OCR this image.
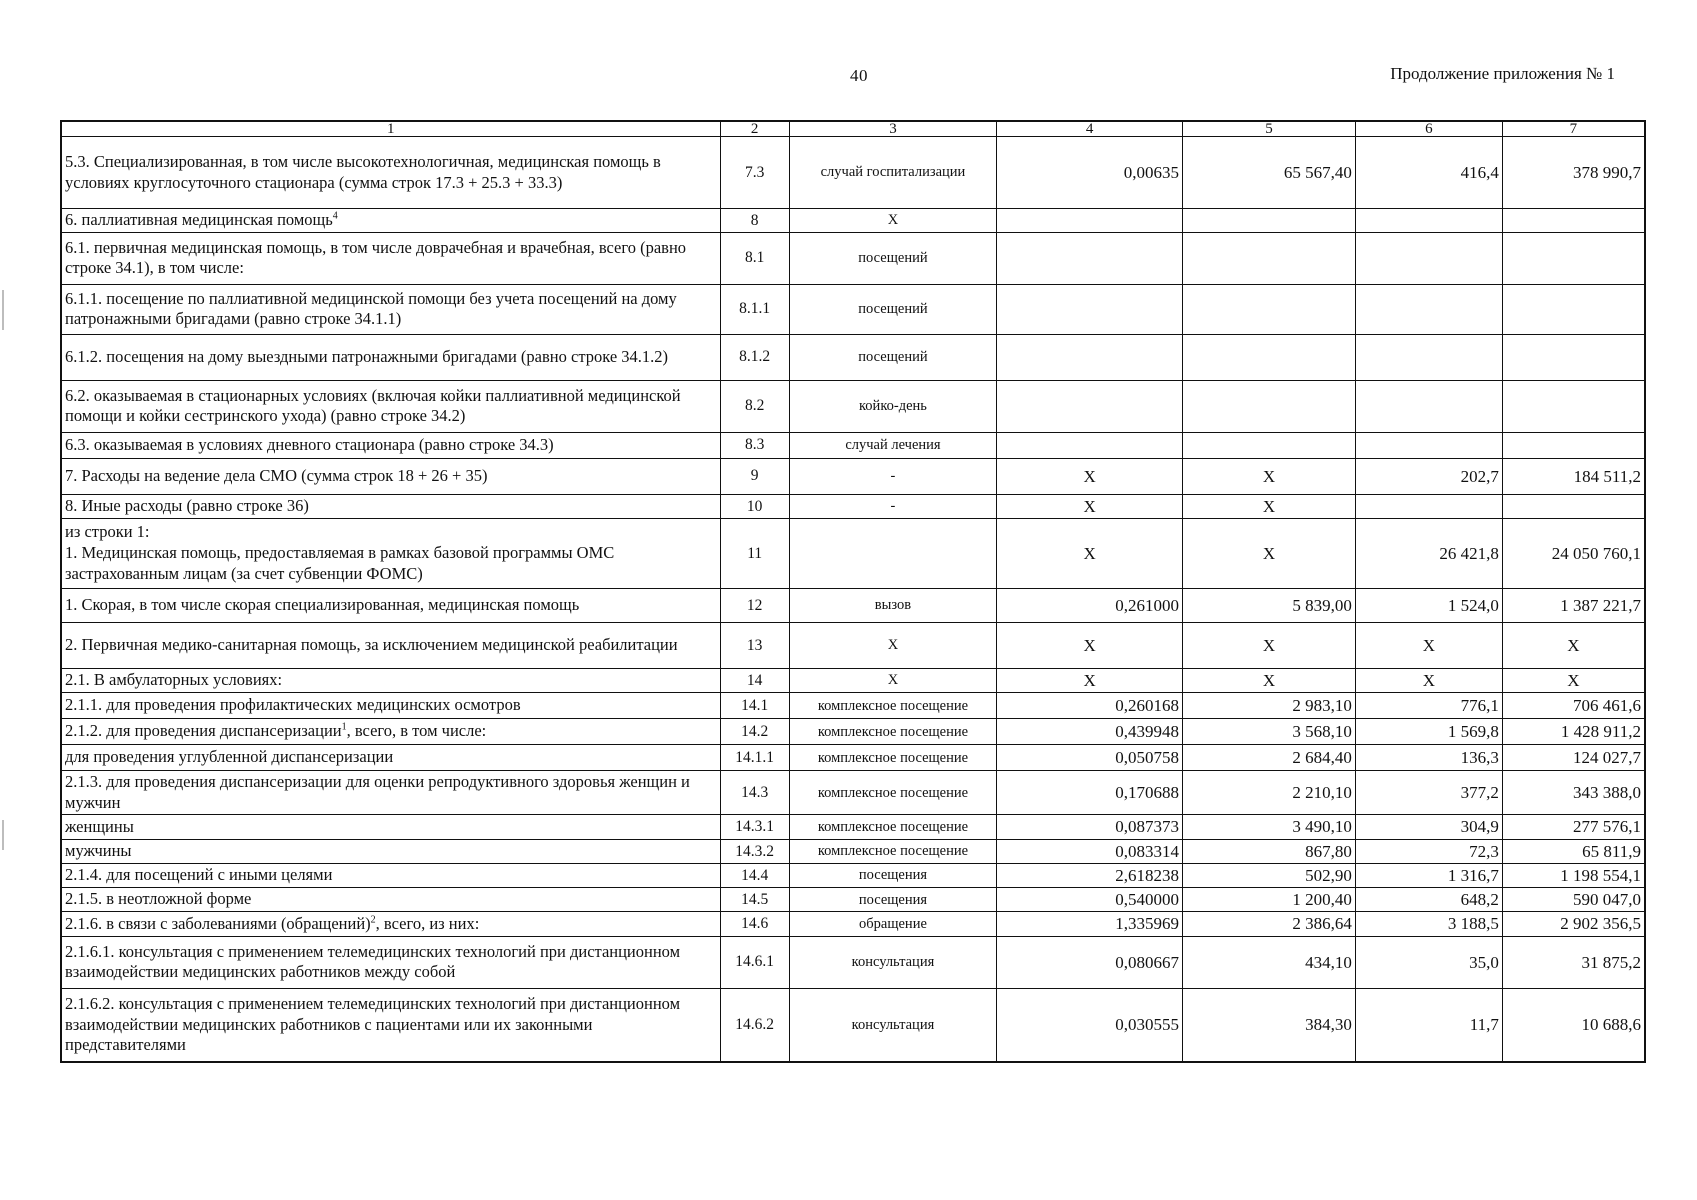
40	Продолжение приложения № 1
1	2	3	4	5	6	7
5.3. Специализированная, в том числе высокотехнологичная, медицинская помощь в условиях круглосуточного стационара (сумма строк 17.3 + 25.3 + 33.3)	7.3	случай госпитализации	0,00635	65 567,40	416,4	378 990,7
6. паллиативная медицинская помощь$^4$	8	Х				
6.1. первичная медицинская помощь, в том числе доврачебная и врачебная, всего (равно строке 34.1), в том числе:	8.1	посещений				
6.1.1. посещение по паллиативной медицинской помощи без учета посещений на дому патронажными бригадами (равно строке 34.1.1)	8.1.1	посещений				
6.1.2. посещения на дому выездными патронажными бригадами (равно строке 34.1.2)	8.1.2	посещений				
6.2. оказываемая в стационарных условиях (включая койки паллиативной медицинской помощи и койки сестринского ухода) (равно строке 34.2)	8.2	койко-день				
6.3. оказываемая в условиях дневного стационара (равно строке 34.3)	8.3	случай лечения				
7. Расходы на ведение дела СМО (сумма строк 18 + 26 + 35)	9	-	Х	Х	202,7	184 511,2
8. Иные расходы (равно строке 36)	10	-	Х	Х		
из строки 1:
1. Медицинская помощь, предоставляемая в рамках базовой программы ОМС застрахованным лицам (за счет субвенции ФОМС)	11		Х	Х	26 421,8	24 050 760,1
1. Скорая, в том числе скорая специализированная, медицинская помощь	12	вызов	0,261000	5 839,00	1 524,0	1 387 221,7
2. Первичная медико-санитарная помощь, за исключением медицинской реабилитации	13	Х	Х	Х	Х	Х
2.1. В амбулаторных условиях:	14	Х	Х	Х	Х	Х
2.1.1. для проведения профилактических медицинских осмотров	14.1	комплексное посещение	0,260168	2 983,10	776,1	706 461,6
2.1.2. для проведения диспансеризации$^1$, всего, в том числе:	14.2	комплексное посещение	0,439948	3 568,10	1 569,8	1 428 911,2
для проведения углубленной диспансеризации	14.1.1	комплексное посещение	0,050758	2 684,40	136,3	124 027,7
2.1.3. для проведения диспансеризации для оценки репродуктивного здоровья женщин и мужчин	14.3	комплексное посещение	0,170688	2 210,10	377,2	343 388,0
женщины	14.3.1	комплексное посещение	0,087373	3 490,10	304,9	277 576,1
мужчины	14.3.2	комплексное посещение	0,083314	867,80	72,3	65 811,9
2.1.4. для посещений с иными целями	14.4	посещения	2,618238	502,90	1 316,7	1 198 554,1
2.1.5. в неотложной форме	14.5	посещения	0,540000	1 200,40	648,2	590 047,0
2.1.6. в связи с заболеваниями (обращений)$^2$, всего, из них:	14.6	обращение	1,335969	2 386,64	3 188,5	2 902 356,5
2.1.6.1. консультация с применением телемедицинских технологий при дистанционном взаимодействии медицинских работников между собой	14.6.1	консультация	0,080667	434,10	35,0	31 875,2
2.1.6.2. консультация с применением телемедицинских технологий при дистанционном взаимодействии медицинских работников с пациентами или их законными представителями	14.6.2	консультация	0,030555	384,30	11,7	10 688,6
